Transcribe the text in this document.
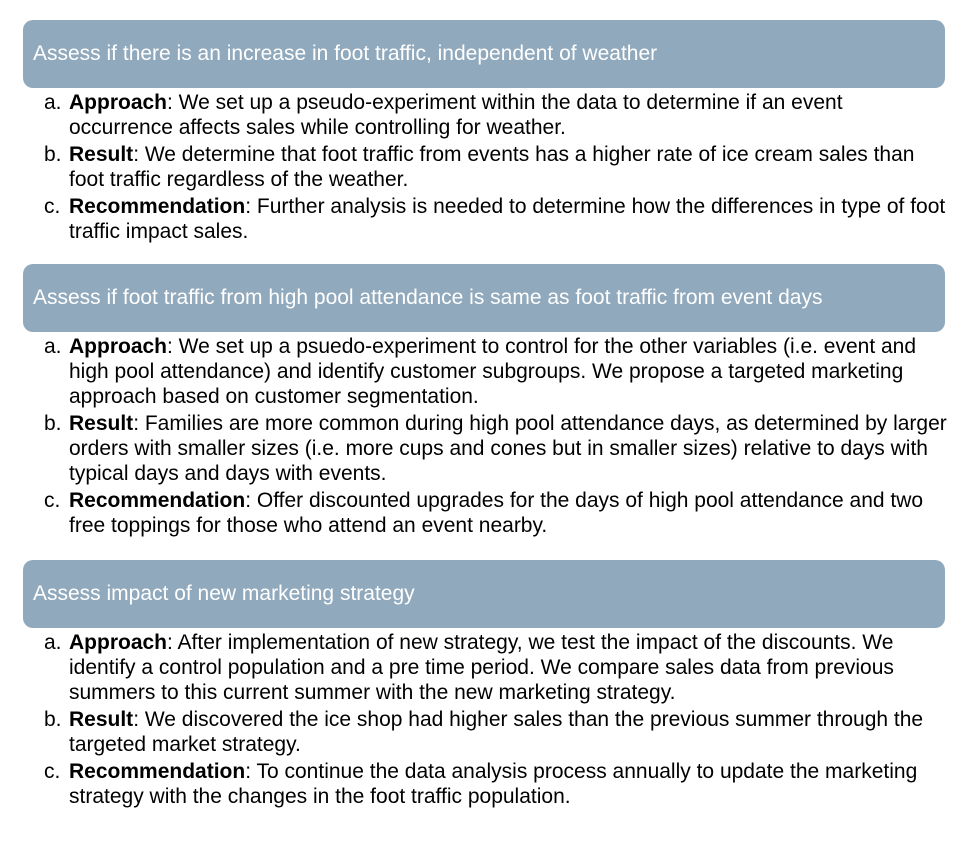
Assess if there is an increase in foot traffic, independent of weather
a. Approach: We set up a pseudo-experiment within the data to determine if an event occurrence affects sales while controlling for weather.
b. Result: We determine that foot traffic from events has a higher rate of ice cream sales than foot traffic regardless of the weather.
c. Recommendation: Further analysis is needed to determine how the differences in type of foot traffic impact sales.
Assess if foot traffic from high pool attendance is same as foot traffic from event days
a. Approach: We set up a psuedo-experiment to control for the other variables (i.e. event and high pool attendance) and identify customer subgroups. We propose a targeted marketing approach based on customer segmentation.
b. Result: Families are more common during high pool attendance days, as determined by larger orders with smaller sizes (i.e. more cups and cones but in smaller sizes) relative to days with typical days and days with events.
c. Recommendation: Offer discounted upgrades for the days of high pool attendance and two free toppings for those who attend an event nearby.
Assess impact of new marketing strategy
a. Approach: After implementation of new strategy, we test the impact of the discounts. We identify a control population and a pre time period. We compare sales data from previous summers to this current summer with the new marketing strategy.
b. Result: We discovered the ice shop had higher sales than the previous summer through the targeted market strategy.
c. Recommendation: To continue the data analysis process annually to update the marketing strategy with the changes in the foot traffic population.
